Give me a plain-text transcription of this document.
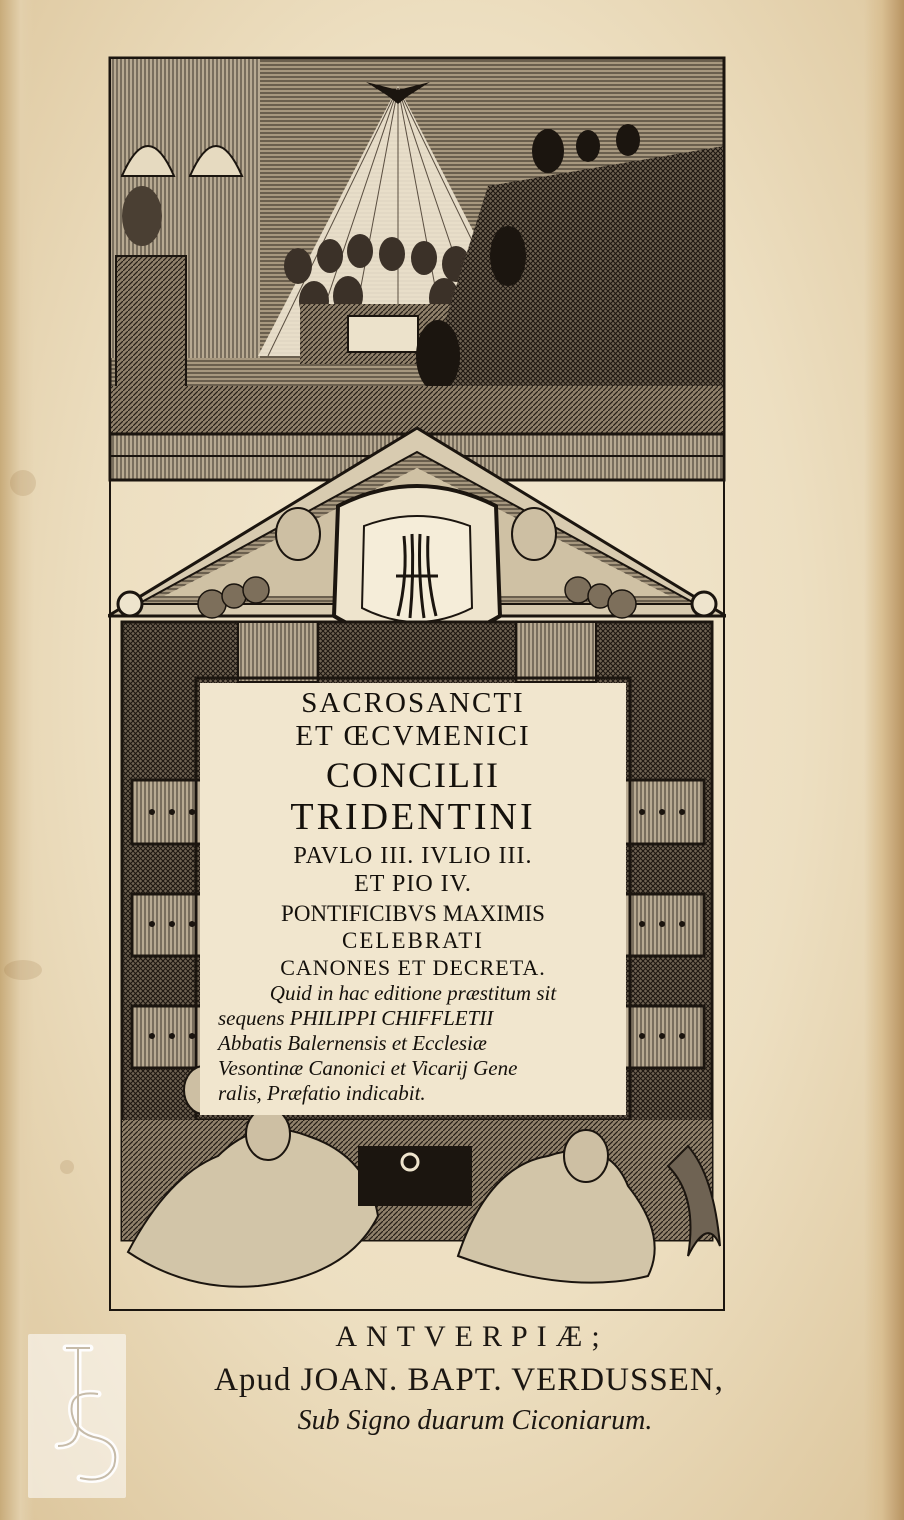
SACROSANCTI
ET ŒCVMENICI
CONCILII
TRIDENTINI
PAVLO III. IVLIO III.
ET PIO IV.
PONTIFICIBVS MAXIMIS
CELEBRATI
CANONES ET DECRETA.
Quid in hac editione præstitum sit
sequens PHILIPPI CHIFFLETII
Abbatis Balernensis et Ecclesiæ
Vesontinæ Canonici et Vicarij Gene
ralis, Præfatio indicabit.
ANTVERPIÆ;
Apud JOAN. BAPT. VERDUSSEN,
Sub Signo duarum Ciconiarum.
